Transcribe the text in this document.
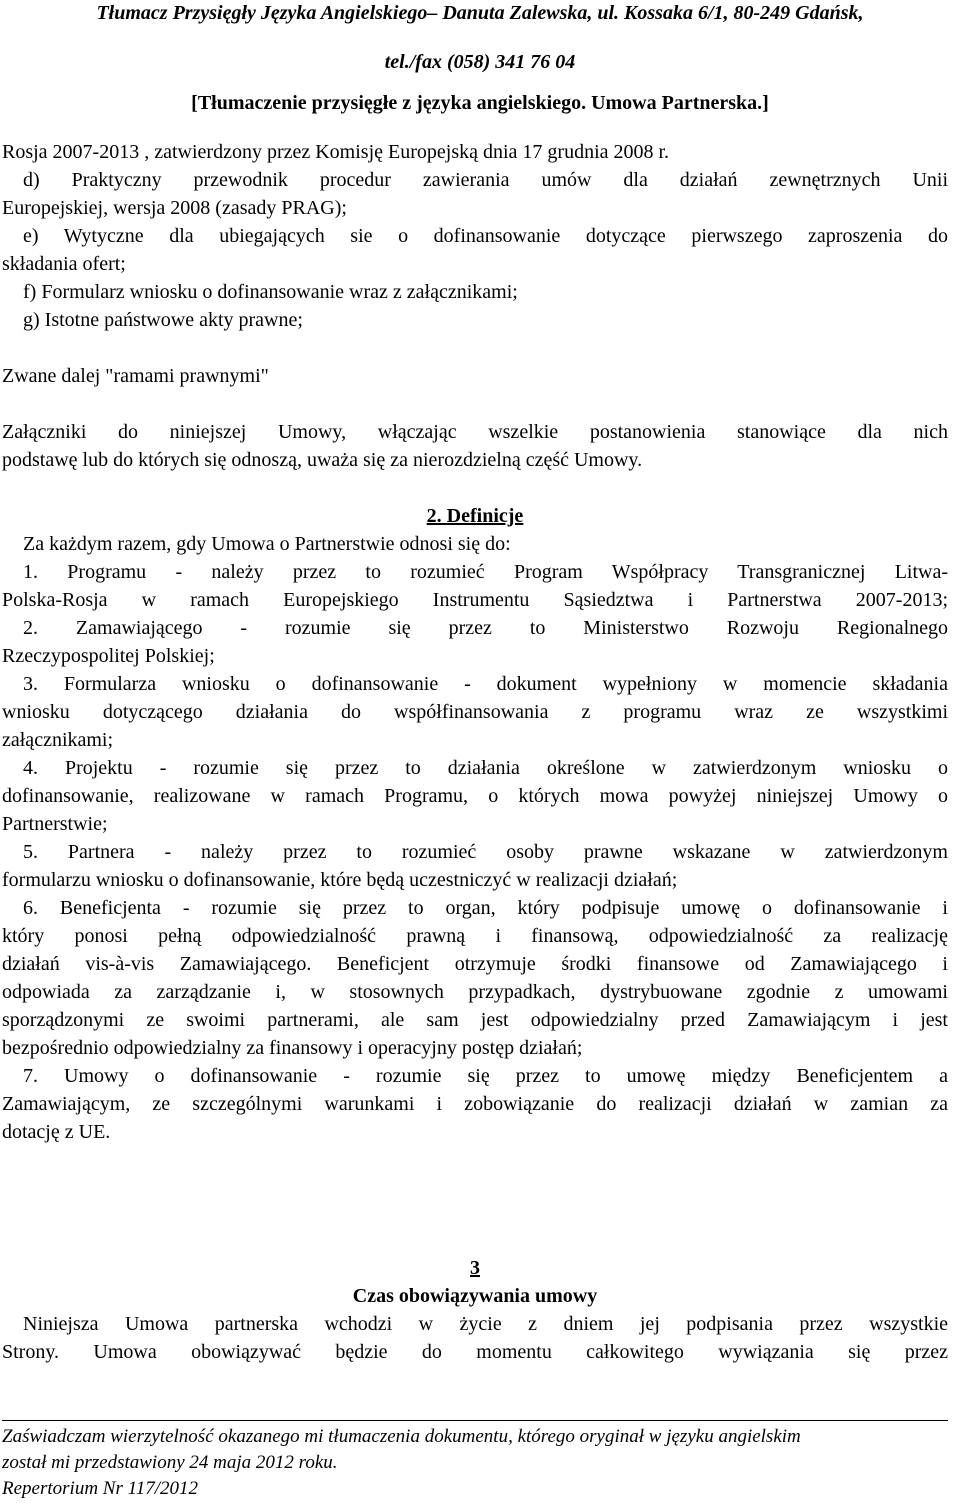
Tłumacz Przysięgły Języka Angielskiego– Danuta Zalewska, ul. Kossaka 6/1, 80-249 Gdańsk,
tel./fax (058) 341 76 04
[Tłumaczenie przysięgłe z języka angielskiego. Umowa Partnerska.]
Rosja 2007-2013 , zatwierdzony przez Komisję Europejską dnia 17 grudnia 2008 r.
d) Praktyczny przewodnik procedur zawierania umów dla działań zewnętrznych Unii
Europejskiej, wersja 2008 (zasady PRAG);
e) Wytyczne dla ubiegających sie o dofinansowanie dotyczące pierwszego zaproszenia do
składania ofert;
f) Formularz wniosku o dofinansowanie wraz z załącznikami;
g) Istotne państwowe akty prawne;
Zwane dalej "ramami prawnymi"
Załączniki do niniejszej Umowy, włączając wszelkie postanowienia stanowiące dla nich
podstawę lub do których się odnoszą, uważa się za nierozdzielną część Umowy.
2. Definicje
Za każdym razem, gdy Umowa o Partnerstwie odnosi się do:
1. Programu - należy przez to rozumieć Program Współpracy Transgranicznej Litwa-
Polska-Rosja w ramach Europejskiego Instrumentu Sąsiedztwa i Partnerstwa 2007-2013;
2. Zamawiającego - rozumie się przez to Ministerstwo Rozwoju Regionalnego
Rzeczypospolitej Polskiej;
3. Formularza wniosku o dofinansowanie - dokument wypełniony w momencie składania
wniosku dotyczącego działania do współfinansowania z programu wraz ze wszystkimi
załącznikami;
4. Projektu - rozumie się przez to działania określone w zatwierdzonym wniosku o
dofinansowanie, realizowane w ramach Programu, o których mowa powyżej niniejszej Umowy o
Partnerstwie;
5. Partnera - należy przez to rozumieć osoby prawne wskazane w zatwierdzonym
formularzu wniosku o dofinansowanie, które będą uczestniczyć w realizacji działań;
6. Beneficjenta - rozumie się przez to organ, który podpisuje umowę o dofinansowanie i
który ponosi pełną odpowiedzialność prawną i finansową, odpowiedzialność za realizację
działań vis-à-vis Zamawiającego. Beneficjent otrzymuje środki finansowe od Zamawiającego i
odpowiada za zarządzanie i, w stosownych przypadkach, dystrybuowane zgodnie z umowami
sporządzonymi ze swoimi partnerami, ale sam jest odpowiedzialny przed Zamawiającym i jest
bezpośrednio odpowiedzialny za finansowy i operacyjny postęp działań;
7. Umowy o dofinansowanie - rozumie się przez to umowę między Beneficjentem a
Zamawiającym, ze szczególnymi warunkami i zobowiązanie do realizacji działań w zamian za
dotację z UE.
3
Czas obowiązywania umowy
Niniejsza Umowa partnerska wchodzi w życie z dniem jej podpisania przez wszystkie
Strony. Umowa obowiązywać będzie do momentu całkowitego wywiązania się przez
Zaświadczam wierzytelność okazanego mi tłumaczenia dokumentu, którego oryginał w języku angielskim
został mi przedstawiony 24 maja 2012 roku.
Repertorium Nr 117/2012
